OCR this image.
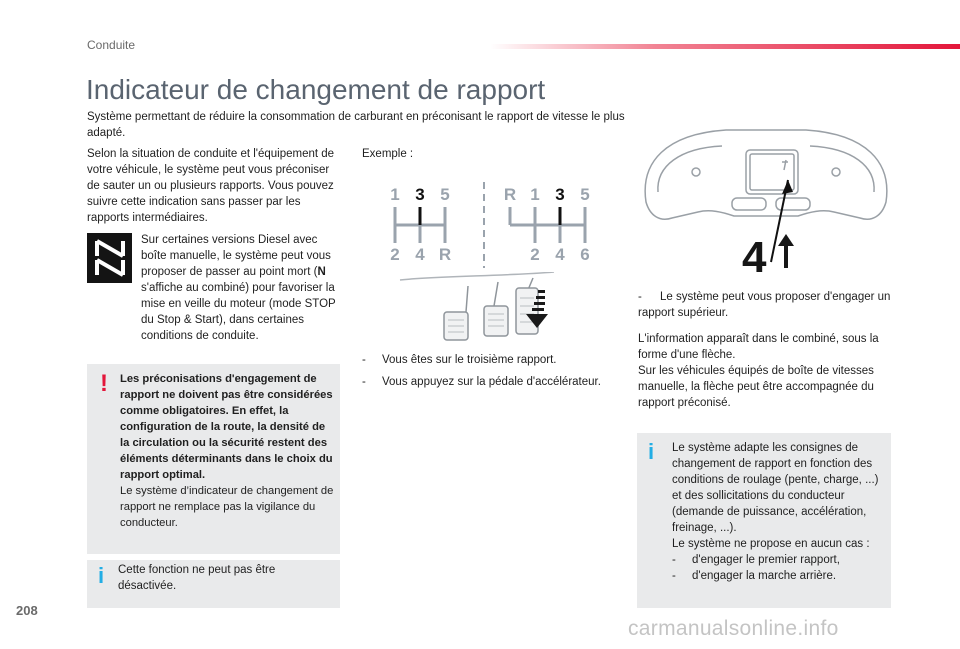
Conduite
Indicateur de changement de rapport
Système permettant de réduire la consommation de carburant en préconisant le rapport de vitesse le plus adapté.
Selon la situation de conduite et l'équipement de votre véhicule, le système peut vous préconiser de sauter un ou plusieurs rapports. Vous pouvez suivre cette indication sans passer par les rapports intermédiaires.
Sur certaines versions Diesel avec boîte manuelle, le système peut vous proposer de passer au point mort (N s'affiche au combiné) pour favoriser la mise en veille du moteur (mode STOP du Stop & Start), dans certaines conditions de conduite.
! Les préconisations d'engagement de rapport ne doivent pas être considérées comme obligatoires. En effet, la configuration de la route, la densité de la circulation ou la sécurité restent des éléments déterminants dans le choix du rapport optimal.
Le système d’indicateur de changement de rapport ne remplace pas la vigilance du conducteur.
i Cette fonction ne peut pas être désactivée.
Exemple :
1 3 5
2 4 R
R 1 3 5
2 4 6
- Vous êtes sur le troisième rapport.
- Vous appuyez sur la pédale d'accélérateur.
4
- Le système peut vous proposer d'engager un rapport supérieur.
L'information apparaît dans le combiné, sous la forme d'une flèche.
Sur les véhicules équipés de boîte de vitesses manuelle, la flèche peut être accompagnée du rapport préconisé.
i Le système adapte les consignes de changement de rapport en fonction des conditions de roulage (pente, charge, ...) et des sollicitations du conducteur (demande de puissance, accélération, freinage, ...).
Le système ne propose en aucun cas :
- d'engager le premier rapport,
- d'engager la marche arrière.
208
carmanualsonline.info
